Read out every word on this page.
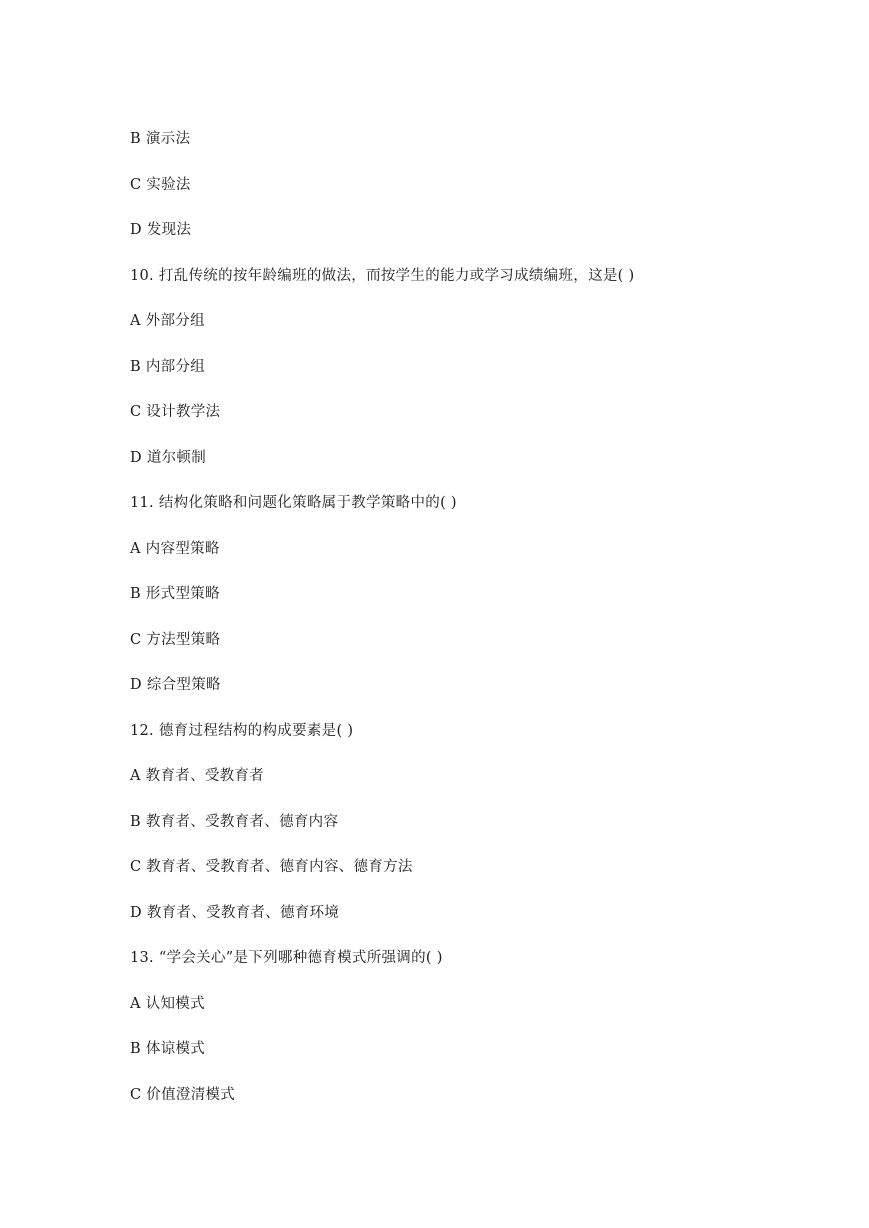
B 演示法
C 实验法
D 发现法
10. 打乱传统的按年龄编班的做法，而按学生的能力或学习成绩编班，这是( )
A 外部分组
B 内部分组
C 设计教学法
D 道尔顿制
11. 结构化策略和问题化策略属于教学策略中的( )
A 内容型策略
B 形式型策略
C 方法型策略
D 综合型策略
12. 德育过程结构的构成要素是( )
A 教育者、受教育者
B 教育者、受教育者、德育内容
C 教育者、受教育者、德育内容、德育方法
D 教育者、受教育者、德育环境
13. “学会关心”是下列哪种德育模式所强调的( )
A 认知模式
B 体谅模式
C 价值澄清模式
